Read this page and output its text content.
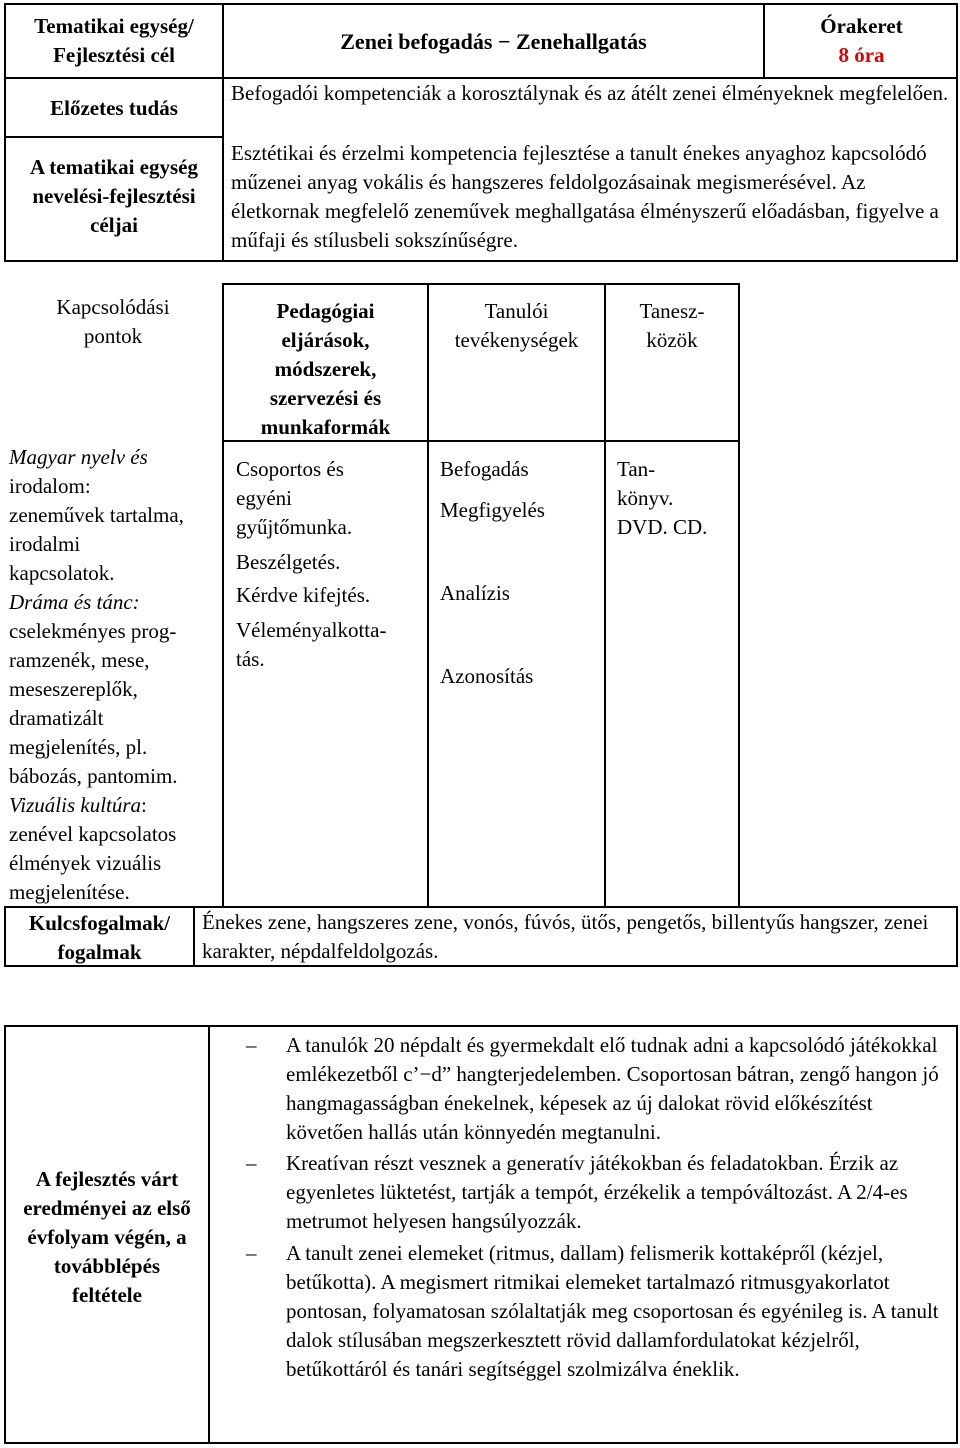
Tematikai egység/

Fejlesztési cél

Zenei befogadás − Zenehallgatás

Órakeret

8 óra

Előzetes tudás
Befogadói kompetenciák a korosztálynak és az átélt zenei élményeknek megfelelően.

A tematikai egység

nevelési-fejlesztési

céljai

Esztétikai és érzelmi kompetencia fejlesztése a tanult énekes anyaghoz kapcsolódó műzenei anyag vokális és hangszeres feldolgozásainak megismerésével. Az életkornak megfelelő zeneművek meghallgatása élményszerű előadásban, figyelve a műfaji és stílusbeli sokszínűségre.

Kapcsolódási

pontok

Pedagógiai

eljárások,

módszerek,

szervezési és

munkaformák

Tanulói

tevékenységek

Tanesz-

közök

Magyar nyelv és

irodalom:

zeneművek tartalma,

irodalmi

kapcsolatok.

Dráma és tánc:

cselekményes prog-

ramzenék, mese,

meseszereplők,

dramatizált

megjelenítés, pl.

bábozás, pantomim.

Vizuális kultúra:

zenével kapcsolatos

élmények vizuális

megjelenítése.

Csoportos és

egyéni

gyűjtőmunka.

Beszélgetés.

Kérdve kifejtés.

Véleményalkotta-

tás.

Befogadás

Megfigyelés

Analízis

Azonosítás

Tan-

könyv.

DVD. CD.

Kulcsfogalmak/

fogalmak

Énekes zene, hangszeres zene, vonós, fúvós, ütős, pengetős, billentyűs hangszer, zenei karakter, népdalfeldolgozás.

A fejlesztés várt

eredményei az első

évfolyam végén, a

továbblépés

feltétele

– A tanulók 20 népdalt és gyermekdalt elő tudnak adni a kapcsolódó játékokkal emlékezetből c’−d” hangterjedelemben. Csoportosan bátran, zengő hangon jó hangmagasságban énekelnek, képesek az új dalokat rövid előkészítést követően hallás után könnyedén megtanulni.
– Kreatívan részt vesznek a generatív játékokban és feladatokban. Érzik az egyenletes lüktetést, tartják a tempót, érzékelik a tempóváltozást. A 2/4-es metrumot helyesen hangsúlyozzák.
– A tanult zenei elemeket (ritmus, dallam) felismerik kottaképről (kézjel, betűkotta). A megismert ritmikai elemeket tartalmazó ritmusgyakorlatot pontosan, folyamatosan szólaltatják meg csoportosan és egyénileg is. A tanult dalok stílusában megszerkesztett rövid dallamfordulatokat kézjelről, betűkottáról és tanári segítséggel szolmizálva éneklik.
